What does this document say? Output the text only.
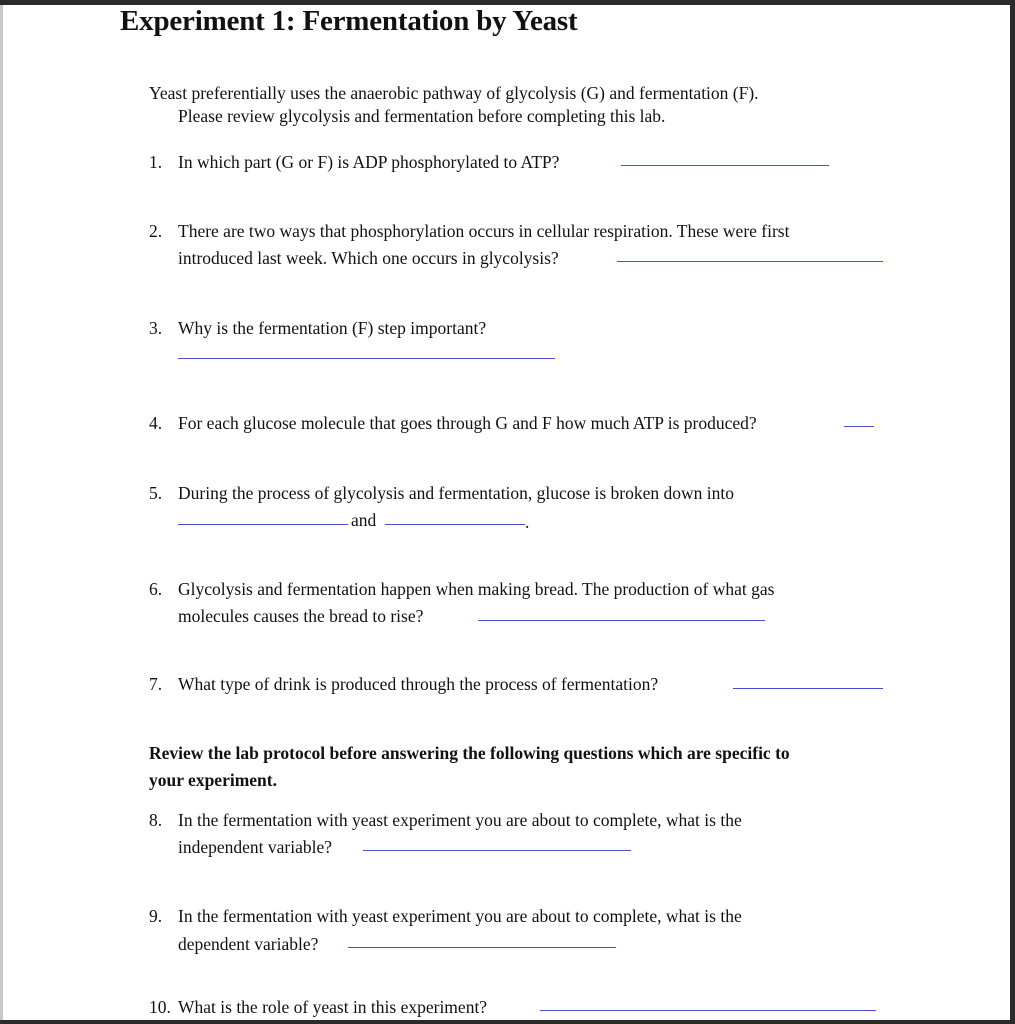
Experiment 1: Fermentation by Yeast
Yeast preferentially uses the anaerobic pathway of glycolysis (G) and fermentation (F).
Please review glycolysis and fermentation before completing this lab.
1. In which part (G or F) is ADP phosphorylated to ATP?
2. There are two ways that phosphorylation occurs in cellular respiration. These were first
introduced last week. Which one occurs in glycolysis?
3. Why is the fermentation (F) step important?
4. For each glucose molecule that goes through G and F how much ATP is produced?
5. During the process of glycolysis and fermentation, glucose is broken down into
and	.
6. Glycolysis and fermentation happen when making bread. The production of what gas
molecules causes the bread to rise?
7. What type of drink is produced through the process of fermentation?
Review the lab protocol before answering the following questions which are specific to
your experiment.
8. In the fermentation with yeast experiment you are about to complete, what is the
independent variable?
9. In the fermentation with yeast experiment you are about to complete, what is the
dependent variable?
10. What is the role of yeast in this experiment?
